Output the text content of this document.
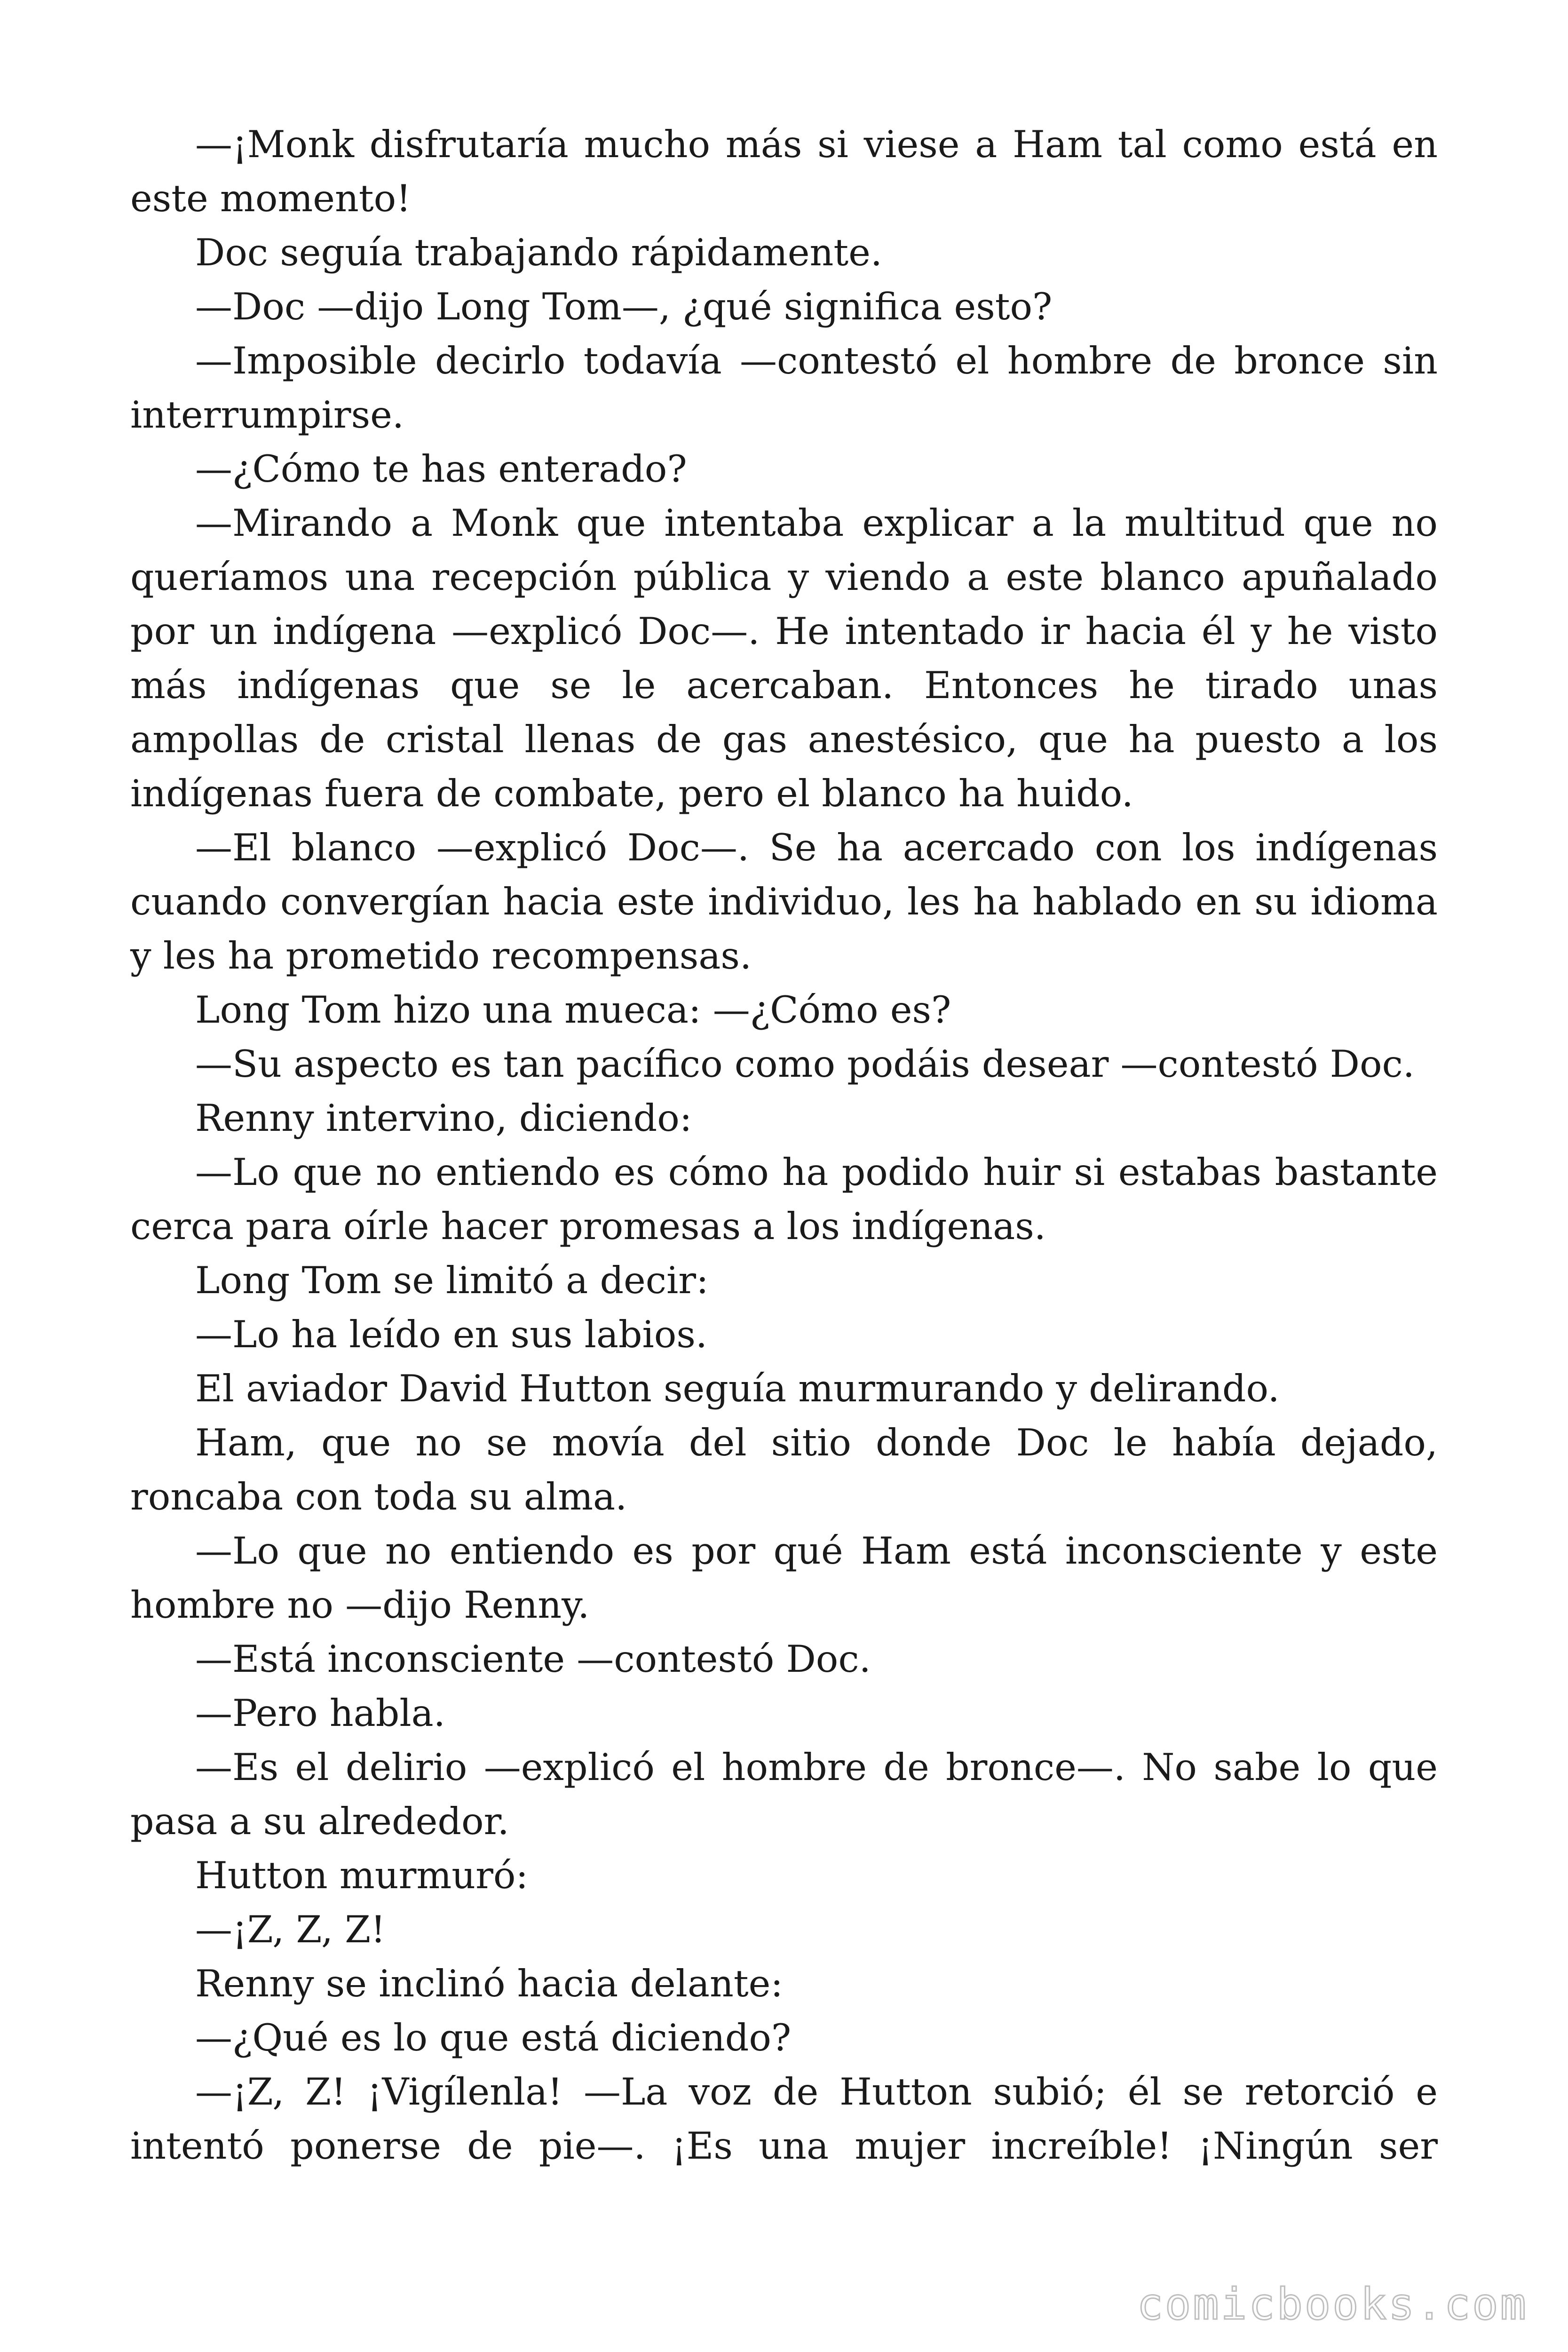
—¡Monk disfrutaría mucho más si viese a Ham tal como está en este momento!

Doc seguía trabajando rápidamente.

—Doc —dijo Long Tom—, ¿qué significa esto?

—Imposible decirlo todavía —contestó el hombre de bronce sin interrumpirse.

—¿Cómo te has enterado?

—Mirando a Monk que intentaba explicar a la multitud que no queríamos una recepción pública y viendo a este blanco apuñalado por un indígena —explicó Doc—. He intentado ir hacia él y he visto más indígenas que se le acercaban. Entonces he tirado unas ampollas de cristal llenas de gas anestésico, que ha puesto a los indígenas fuera de combate, pero el blanco ha huido.

—El blanco —explicó Doc—. Se ha acercado con los indígenas cuando convergían hacia este individuo, les ha hablado en su idioma y les ha prometido recompensas.

Long Tom hizo una mueca: —¿Cómo es?

—Su aspecto es tan pacífico como podáis desear —contestó Doc.

Renny intervino, diciendo:

—Lo que no entiendo es cómo ha podido huir si estabas bastante cerca para oírle hacer promesas a los indígenas.

Long Tom se limitó a decir:

—Lo ha leído en sus labios.

El aviador David Hutton seguía murmurando y delirando.

Ham, que no se movía del sitio donde Doc le había dejado, roncaba con toda su alma.

—Lo que no entiendo es por qué Ham está inconsciente y este hombre no —dijo Renny.

—Está inconsciente —contestó Doc.

—Pero habla.

—Es el delirio —explicó el hombre de bronce—. No sabe lo que pasa a su alrededor.

Hutton murmuró:

—¡Z, Z, Z!

Renny se inclinó hacia delante:

—¿Qué es lo que está diciendo?

—¡Z, Z! ¡Vigílenla! —La voz de Hutton subió; él se retorció e intentó ponerse de pie—. ¡Es una mujer increíble! ¡Ningún ser

comicbooks.com
